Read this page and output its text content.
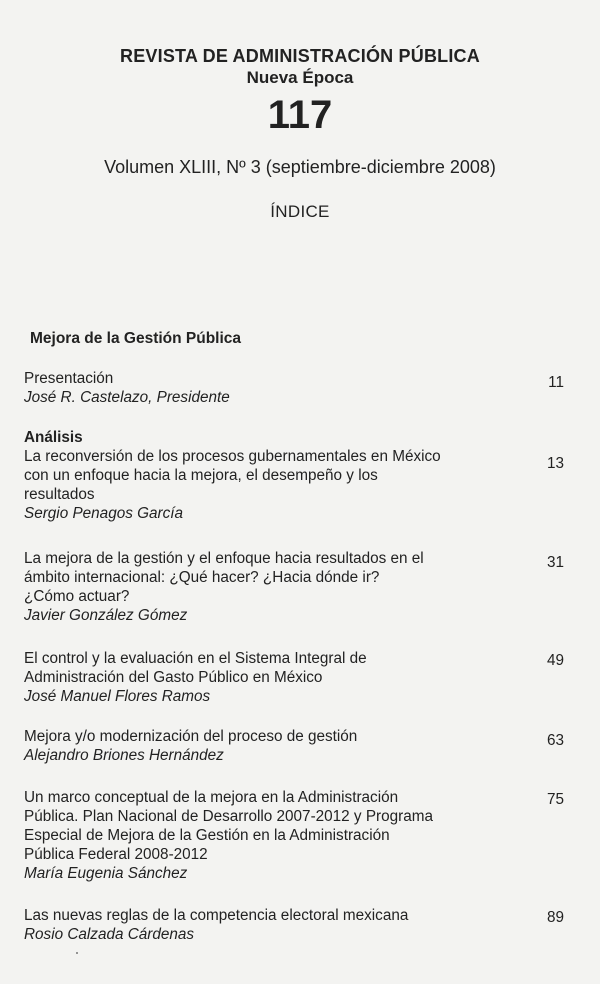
REVISTA DE ADMINISTRACIÓN PÚBLICA
Nueva Época
117
Volumen XLIII, Nº 3 (septiembre-diciembre 2008)
ÍNDICE
Mejora de la Gestión Pública
Presentación
José R. Castelazo, Presidente
11
Análisis
La reconversión de los procesos gubernamentales en México
con un enfoque hacia la mejora, el desempeño y los
resultados
Sergio Penagos García
13
La mejora de la gestión y el enfoque hacia resultados en el
ámbito internacional: ¿Qué hacer? ¿Hacia dónde ir?
¿Cómo actuar?
Javier González Gómez
31
El control y la evaluación en el Sistema Integral de
Administración del Gasto Público en México
José Manuel Flores Ramos
49
Mejora y/o modernización del proceso de gestión
Alejandro Briones Hernández
63
Un marco conceptual de la mejora en la Administración
Pública. Plan Nacional de Desarrollo 2007-2012 y Programa
Especial de Mejora de la Gestión en la Administración
Pública Federal 2008-2012
María Eugenia Sánchez
75
Las nuevas reglas de la competencia electoral mexicana
Rosio Calzada Cárdenas
89
